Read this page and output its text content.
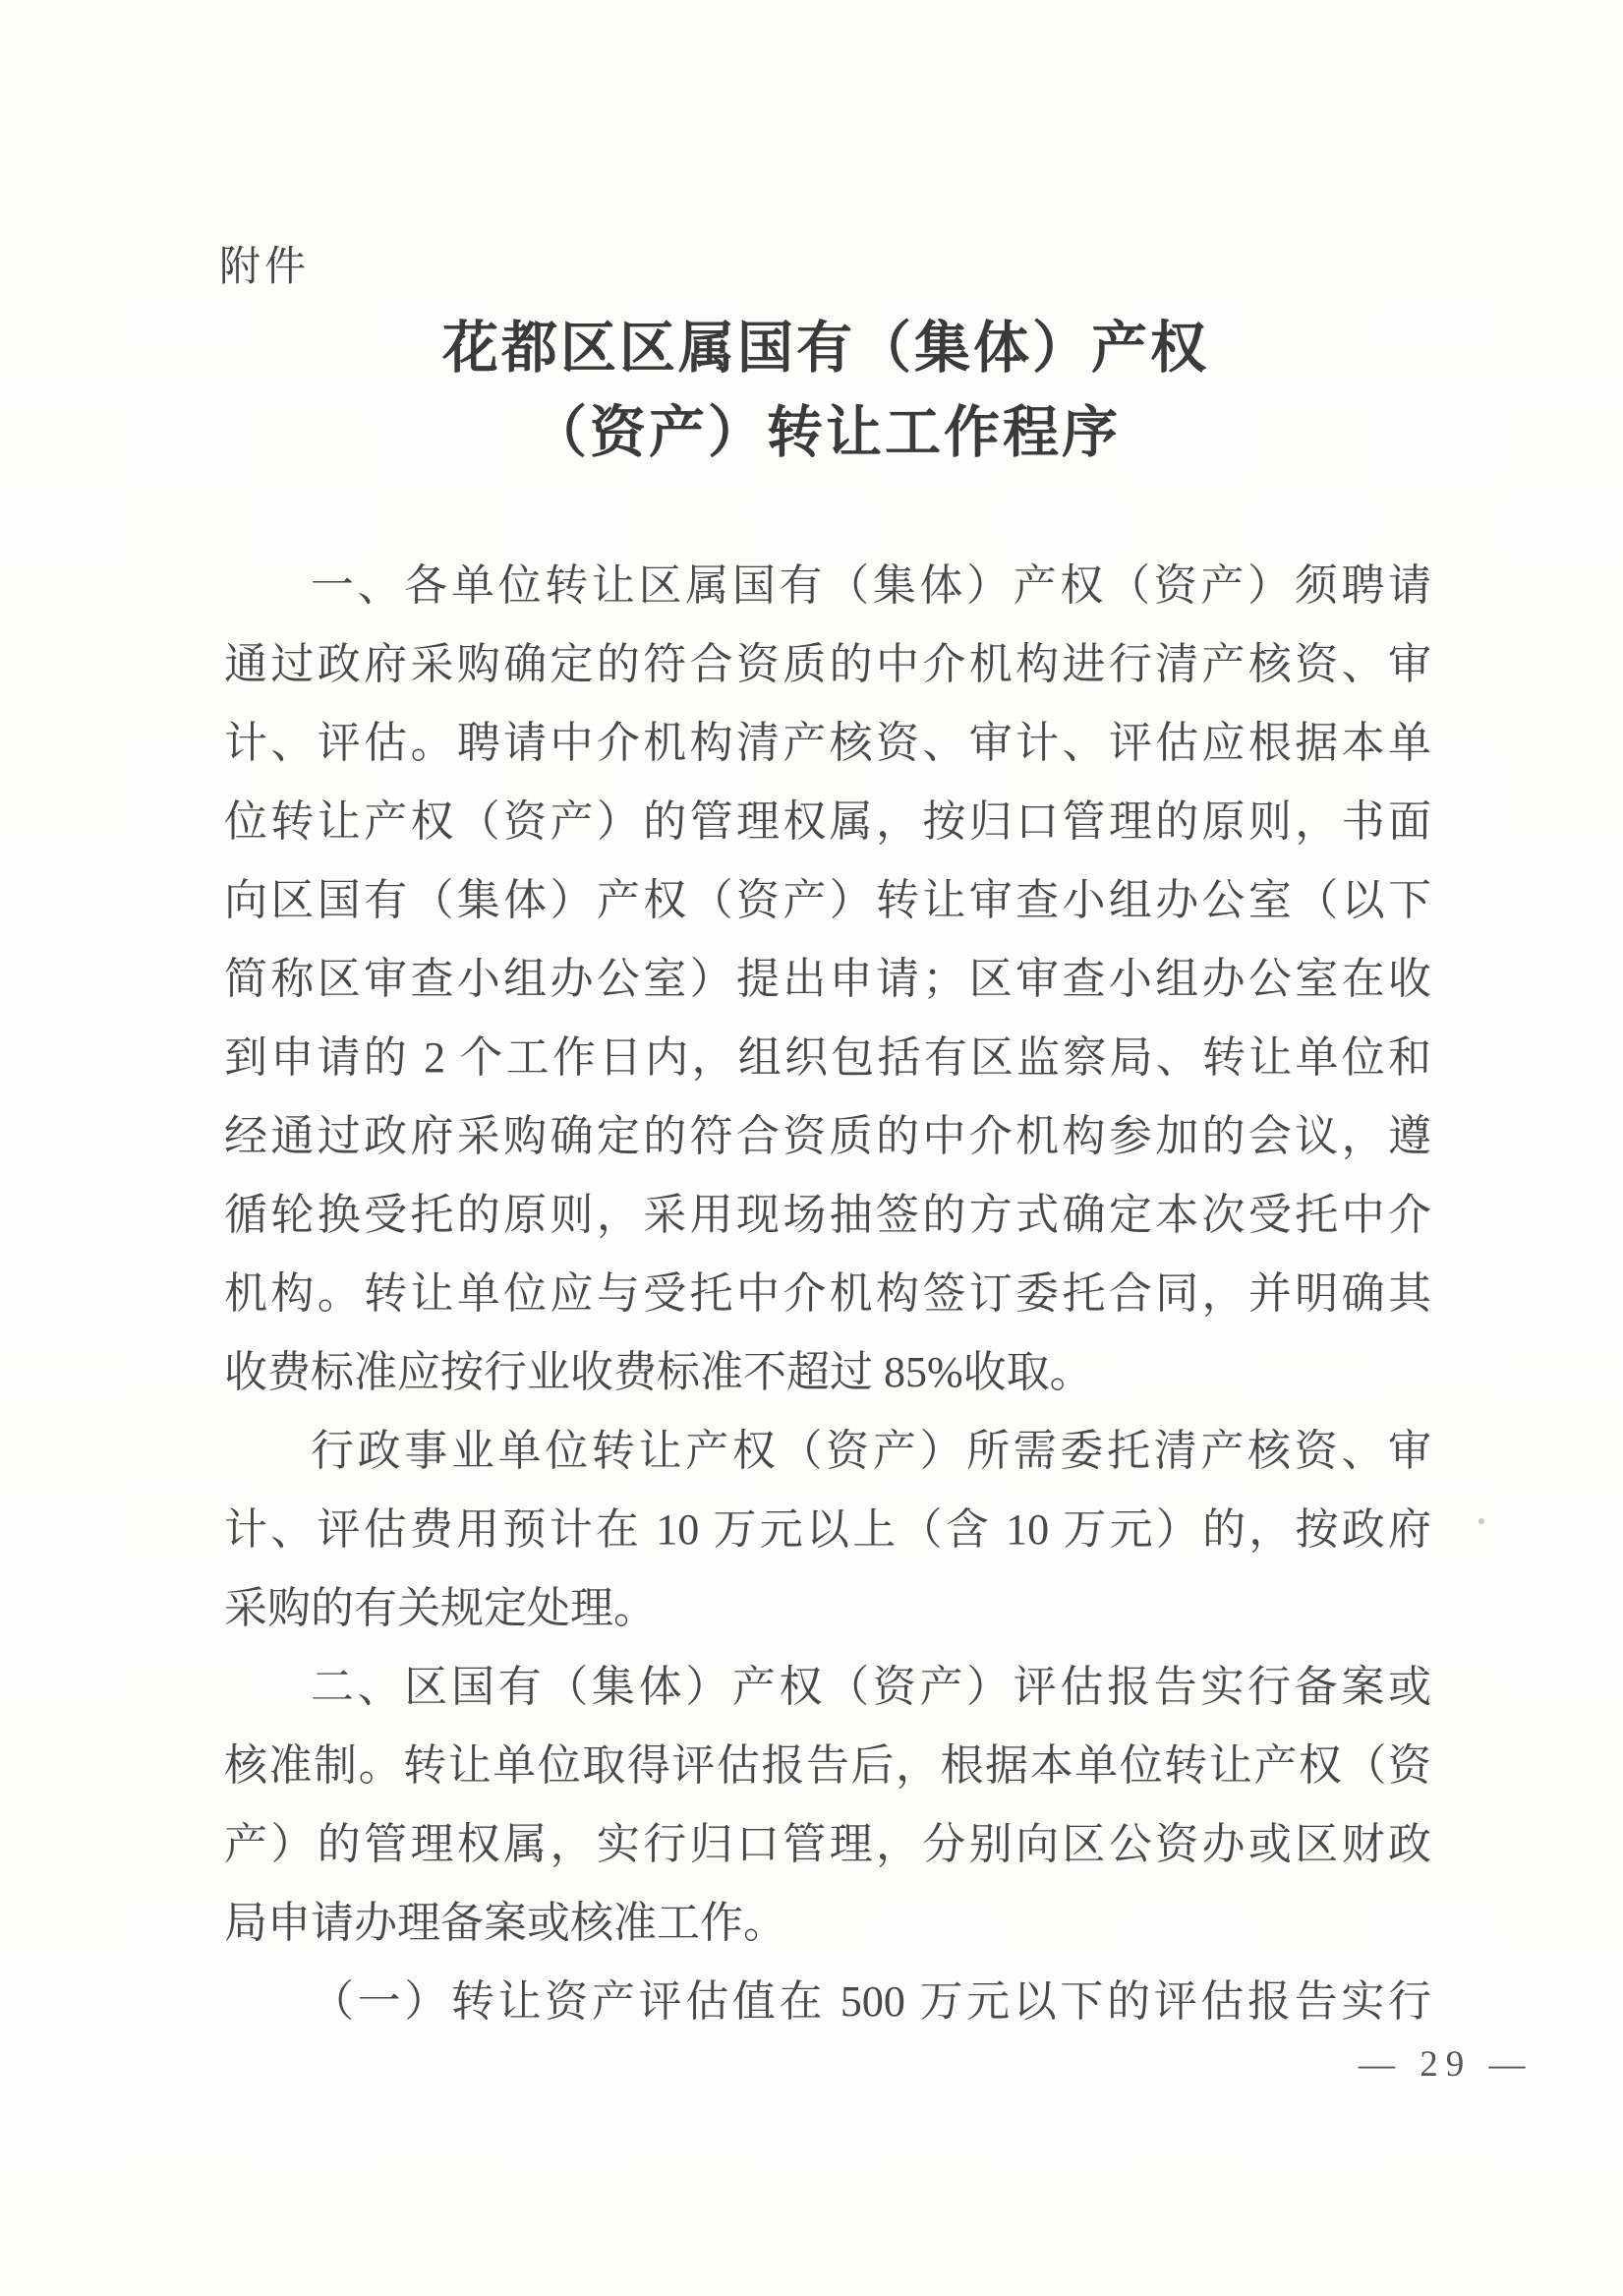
附件
花都区区属国有（集体）产权
（资产）转让工作程序
一、各单位转让区属国有（集体）产权（资产）须聘请
通过政府采购确定的符合资质的中介机构进行清产核资、审
计、评估。聘请中介机构清产核资、审计、评估应根据本单
位转让产权（资产）的管理权属，按归口管理的原则，书面
向区国有（集体）产权（资产）转让审查小组办公室（以下
简称区审查小组办公室）提出申请；区审查小组办公室在收
到申请的 2 个工作日内，组织包括有区监察局、转让单位和
经通过政府采购确定的符合资质的中介机构参加的会议，遵
循轮换受托的原则，采用现场抽签的方式确定本次受托中介
机构。转让单位应与受托中介机构签订委托合同，并明确其
收费标准应按行业收费标准不超过 85%收取。
行政事业单位转让产权（资产）所需委托清产核资、审
计、评估费用预计在 10 万元以上（含 10 万元）的，按政府
采购的有关规定处理。
二、区国有（集体）产权（资产）评估报告实行备案或
核准制。转让单位取得评估报告后，根据本单位转让产权（资
产）的管理权属，实行归口管理，分别向区公资办或区财政
局申请办理备案或核准工作。
（一）转让资产评估值在 500 万元以下的评估报告实行
— 29 —
